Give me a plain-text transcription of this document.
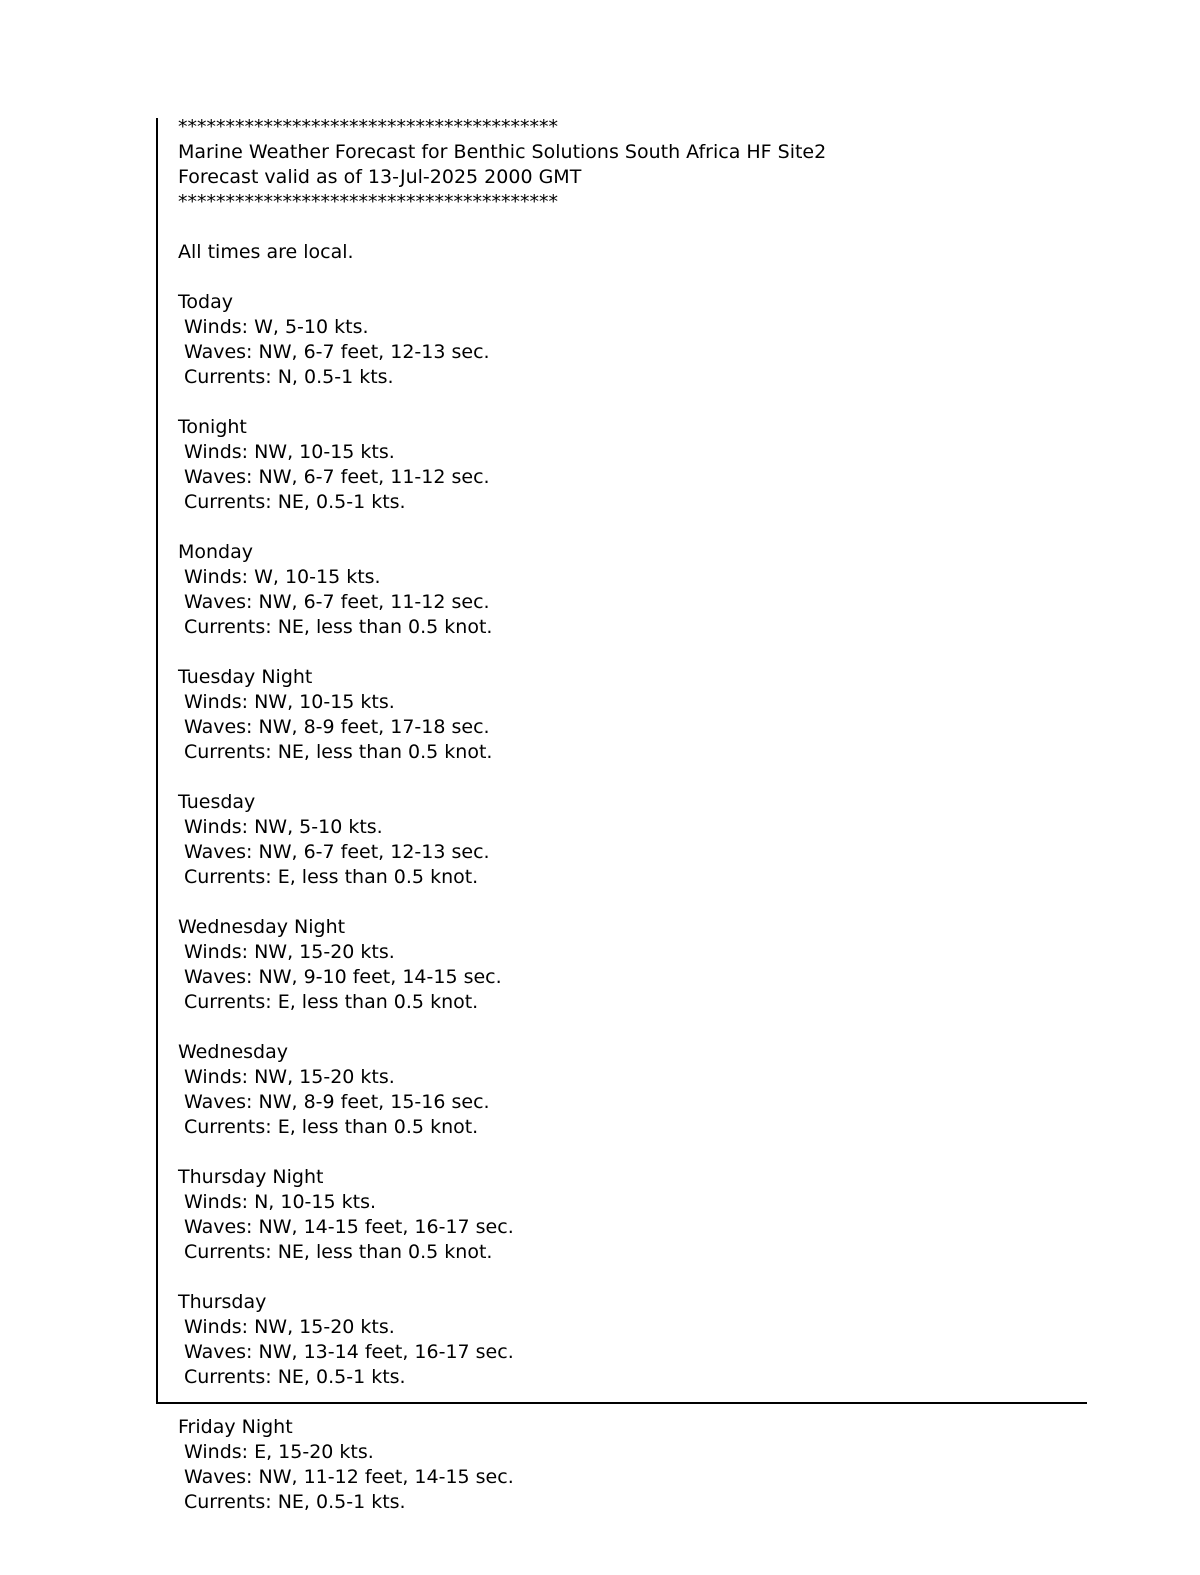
****************************************
Marine Weather Forecast for Benthic Solutions South Africa HF Site2
Forecast valid as of 13-Jul-2025 2000 GMT
****************************************
All times are local.
Today
Winds: W, 5-10 kts.
Waves: NW, 6-7 feet, 12-13 sec.
Currents: N, 0.5-1 kts.
Tonight
Winds: NW, 10-15 kts.
Waves: NW, 6-7 feet, 11-12 sec.
Currents: NE, 0.5-1 kts.
Monday
Winds: W, 10-15 kts.
Waves: NW, 6-7 feet, 11-12 sec.
Currents: NE, less than 0.5 knot.
Tuesday Night
Winds: NW, 10-15 kts.
Waves: NW, 8-9 feet, 17-18 sec.
Currents: NE, less than 0.5 knot.
Tuesday
Winds: NW, 5-10 kts.
Waves: NW, 6-7 feet, 12-13 sec.
Currents: E, less than 0.5 knot.
Wednesday Night
Winds: NW, 15-20 kts.
Waves: NW, 9-10 feet, 14-15 sec.
Currents: E, less than 0.5 knot.
Wednesday
Winds: NW, 15-20 kts.
Waves: NW, 8-9 feet, 15-16 sec.
Currents: E, less than 0.5 knot.
Thursday Night
Winds: N, 10-15 kts.
Waves: NW, 14-15 feet, 16-17 sec.
Currents: NE, less than 0.5 knot.
Thursday
Winds: NW, 15-20 kts.
Waves: NW, 13-14 feet, 16-17 sec.
Currents: NE, 0.5-1 kts.
Friday Night
Winds: E, 15-20 kts.
Waves: NW, 11-12 feet, 14-15 sec.
Currents: NE, 0.5-1 kts.
